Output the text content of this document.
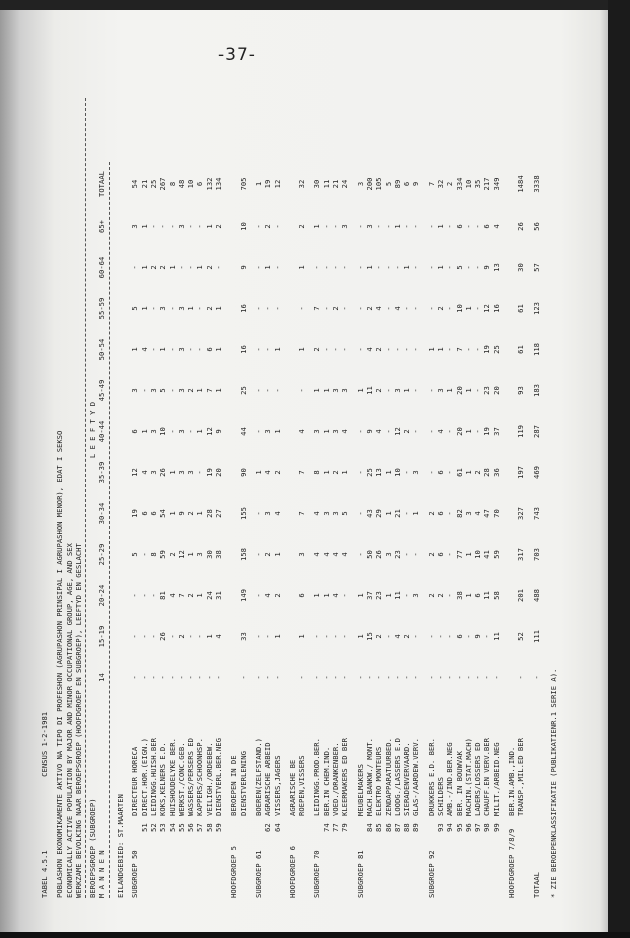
-37-
TABEL 4.5.1                 CENSUS 1-2-1981 POBLASHON EKONOMIKAMENTE AKTIVO NA TIPO DI PROFESHON (AGRUPASHON PRINSIPAL I AGRUPASHON MENOR), EDAT I SEKSO ECONOMICALLY ACTIVE POPULATION BY MAJOR AND MINOR OCCUPATIONAL GROUP, AGE, AND SEX WERKZAME BEVOLKING NAAR BEROEPSGROEP (HOOFDGROEP EN SUBGROEP), LEEFTYD EN GESLACHT BEROEPSGROEP (SUBGROEP)		L E E F T Y D												
M A N N E N		14	15-19	20-24	25-29	30-34	35-39	40-44	45-49	50-54	55-59	60-64	65+	TOTAAL

EILANDGEBIED: ST.MAARTEN														

SUBGROEP 50	DIRECTEUR HORECA	-	-	-	5	19	12	6	3	1	5	-	3	54
	51DIRECT.HOR.(EIGN.)	-	-	-	-	6	4	1	-	4	1	1	1	21
	52LEIDINGG.HUISH.BER	-	-	-	8	6	3	3	3	-	-	2	-	25
	53KOKS,KELNERS E.D.	-	26	81	59	54	26	10	5	1	3	2	-	267
	54HUISHOUDELYKE BER.	-	-	4	2	1	1	-	-	-	-	1	-	8
	55WERKST./CONC.GEB.	-	2	7	12	9	3	3	3	3	3	-	3	48
	56WASSERS/PERSERS ED	-	-	2	1	2	3	-	2	-	1	-	-	10
	57KAPPERS/SCHOONHSP.	-	-	1	3	1	-	1	1	-	-	1	-	6
	58VEILIGH./ORDEBEW.	-	1	24	30	28	19	12	7	6	2	2	1	132
	59DIENSTVERL.BER.NEG	-	4	31	38	27	20	9	1	1	1	-	2	134

HOOFDGROEP 5	BEROEPEN IN DE													
	DIENSTVERLENING	-	33	149	158	155	90	44	25	16	16	9	10	705

SUBGROEP 61	BOEREN(ZELFSTAND.)	-	-	-	-	-	1	-	-	-	-	-	-	1
	62AGRARISCHE ARBEID	-	-	4	2	3	4	3	-	-	-	1	2	19
	64VISSERS,JAGERS	-	1	2	1	4	2	1	-	1	-	-	-	12

HOOFDGROEP 6	AGRARISCHE BE													
	ROEPEN,VISSERS	-	1	6	3	7	7	4	-	1	-	1	2	32

SUBGROEP 70	LEIDINGG.PROD.BER.	-	-	1	4	4	8	3	1	2	7	-	1	30
	74BER.IN CHEM.IND.	-	-	1	4	3	1	1	1	-	-	-	-	11
	77VOED./DRANKENBER.	-	-	4	4	3	2	3	3	-	2	-	-	21
	79KLEERMAKERS ED BER	-	-	-	4	5	1	4	3	-	-	-	3	24

SUBGROEP 81	MEUBELMAKERS	-	1	1	-	-	-	-	1	-	-	-	-	3
	84MACH.BANKW./ MONT.	-	15	37	50	43	25	9	11	4	2	1	3	200
	85ELEKTRO MONTEURS	-	2	23	26	29	13	4	2	2	4	-	-	105
	86ZENDAPPARATUURBED.	-	-	1	3	1	1	-	-	-	-	-	-	5
	87LOODG./LASSERS E.D	-	4	11	23	21	10	12	3	-	4	-	1	89
	88SIERADENVERVAARD.	-	2	-	-	-	-	2	1	-	-	1	-	6
	89GLAS-/AARDEW.VERV.	-	-	3	-	1	3	-	-	-	-	-	-	9

SUBGROEP 92	DRUKKERS E.D. BER.	-	-	2	2	2	-	-	-	1	-	-	-	7
	93SCHILDERS	-	-	2	6	6	6	4	3	1	2	1	1	32
	94AMB.-/IND.BER.NEG	-	-	-	-	-	-	-	1	-	-	-	-	2
	95BER. IN BOUWVAK	-	6	38	77	82	61	20	20	7	10	5	6	334
	96MACHIN.(STAT.MACH)	-	-	1	1	3	1	1	1	-	1	-	-	10
	97LADERS/LOSSERS ED	-	9	6	10	4	2	-	-	-	-	-	-	35
	98CHAUFF.EN VERV.BER	-	-	11	41	47	28	19	23	19	12	9	6	217
	99MILIT./ARBEID.NEG	-	11	58	59	70	36	37	20	25	16	13	4	349

HOOFDGROEP 7/8/9	BER.IN.AMB.,IND.													
	TRANSP.,MIL.ED BER	-	52	201	317	327	197	119	93	61	61	30	26	1484

TOTAAL		-	111	488	703	743	469	287	183	118	123	57	56	3338
* ZIE BEROEPENKLASSIFIKATIE (PUBLIKATIENR.1 SERIE A).
